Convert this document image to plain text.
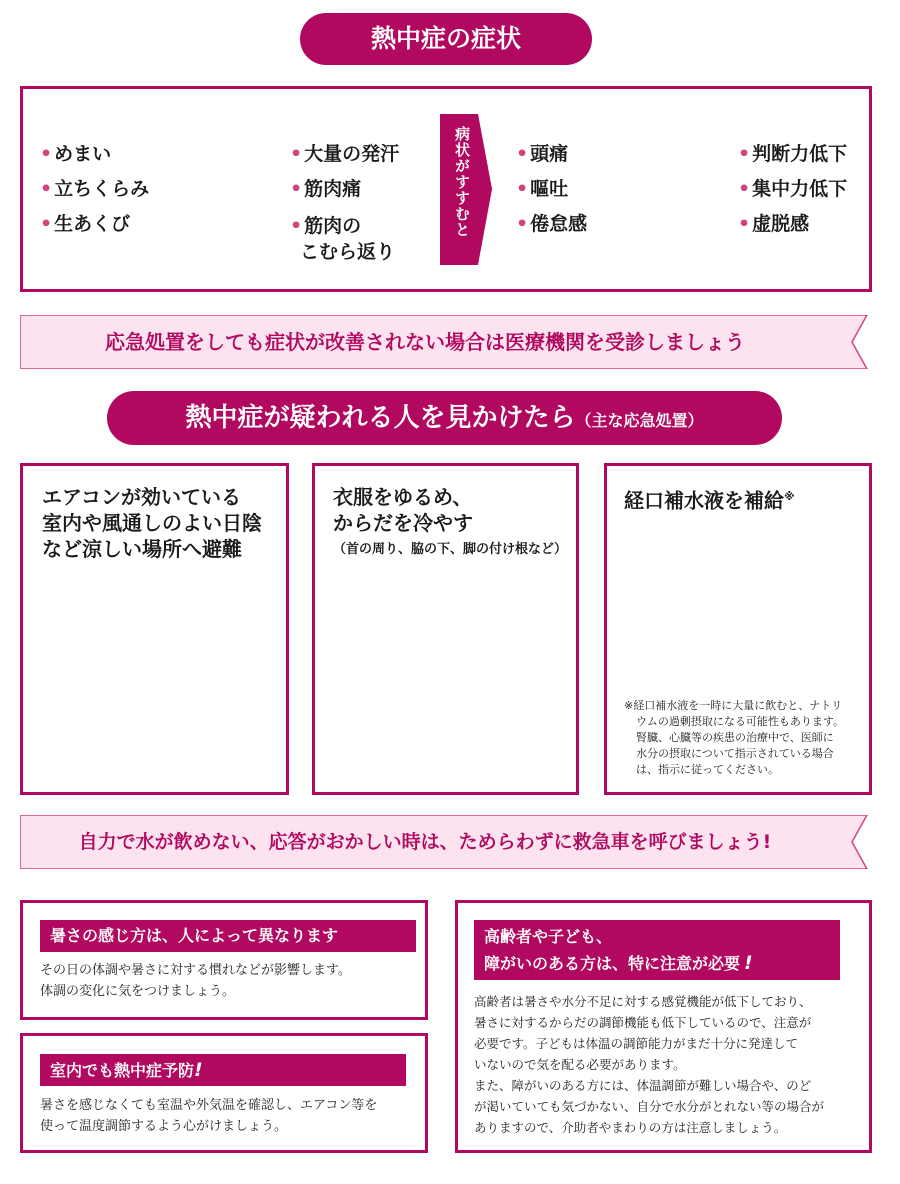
熱中症の症状
• めまい
• 立ちくらみ
• 生あくび
• 大量の発汗
• 筋肉痛
• 筋肉の
こむら返り
病状がすすむと • 頭痛
• 嘔吐
• 倦怠感
• 判断力低下
• 集中力低下
• 虚脱感
応急処置をしても症状が改善されない場合は医療機関を受診しましょう
熱中症が疑われる人を見かけたら（主な応急処置）
エアコンが効いている
室内や風通しのよい日陰
など涼しい場所へ避難
衣服をゆるめ、
からだを冷やす
（首の周り、脇の下、脚の付け根など）
経口補水液を補給※
※経口補水液を一時に大量に飲むと、ナトリ
ウムの過剰摂取になる可能性もあります。
腎臓、心臓等の疾患の治療中で、医師に
水分の摂取について指示されている場合
は、指示に従ってください。
自力で水が飲めない、応答がおかしい時は、ためらわずに救急車を呼びましょう!
暑さの感じ方は、人によって異なります
その日の体調や暑さに対する慣れなどが影響します。
体調の変化に気をつけましょう。
室内でも熱中症予防!
暑さを感じなくても室温や外気温を確認し、エアコン等を
使って温度調節するよう心がけましょう。
高齢者や子ども、
障がいのある方は、特に注意が必要 !
高齢者は暑さや水分不足に対する感覚機能が低下しており、
暑さに対するからだの調節機能も低下しているので、注意が
必要です。子どもは体温の調節能力がまだ十分に発達して
いないので気を配る必要があります。
また、障がいのある方には、体温調節が難しい場合や、のど
が渇いていても気づかない、自分で水分がとれない等の場合が
ありますので、介助者やまわりの方は注意しましょう。
